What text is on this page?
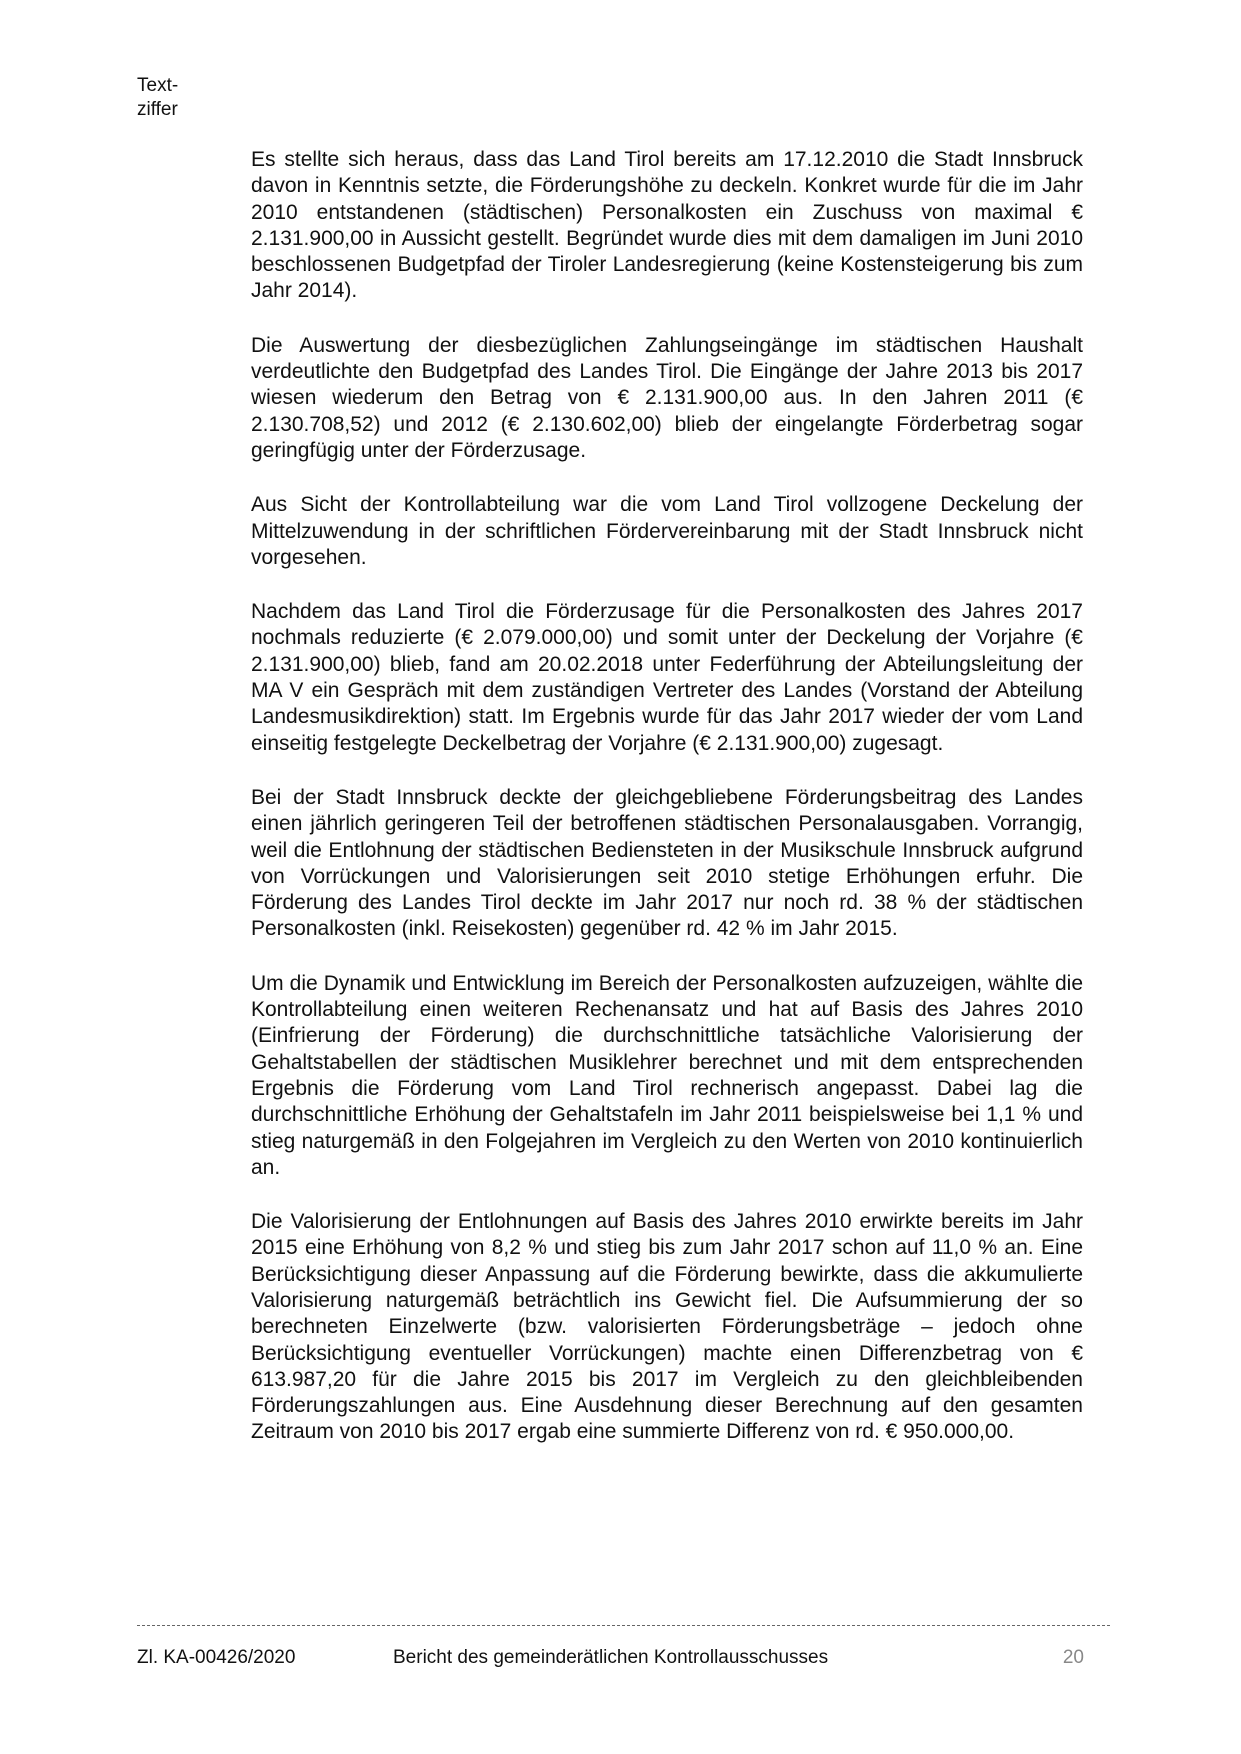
Text-
ziffer

Es stellte sich heraus, dass das Land Tirol bereits am 17.12.2010 die Stadt Innsbruck davon in Kenntnis setzte, die Förderungshöhe zu deckeln. Konkret wurde für die im Jahr 2010 entstandenen (städtischen) Personalkosten ein Zuschuss von maximal € 2.131.900,00 in Aussicht gestellt. Begründet wurde dies mit dem damaligen im Juni 2010 beschlossenen Budgetpfad der Tiroler Landesregierung (keine Kostensteigerung bis zum Jahr 2014).

Die Auswertung der diesbezüglichen Zahlungseingänge im städtischen Haushalt verdeutlichte den Budgetpfad des Landes Tirol. Die Eingänge der Jahre 2013 bis 2017 wiesen wiederum den Betrag von € 2.131.900,00 aus. In den Jahren 2011 (€ 2.130.708,52) und 2012 (€ 2.130.602,00) blieb der eingelangte Förderbetrag sogar geringfügig unter der Förderzusage.

Aus Sicht der Kontrollabteilung war die vom Land Tirol vollzogene Deckelung der Mittelzuwendung in der schriftlichen Fördervereinbarung mit der Stadt Innsbruck nicht vorgesehen.

Nachdem das Land Tirol die Förderzusage für die Personalkosten des Jahres 2017 nochmals reduzierte (€ 2.079.000,00) und somit unter der Deckelung der Vorjahre (€ 2.131.900,00) blieb, fand am 20.02.2018 unter Federführung der Abteilungsleitung der MA V ein Gespräch mit dem zuständigen Vertreter des Landes (Vorstand der Abteilung Landesmusikdirektion) statt. Im Ergebnis wurde für das Jahr 2017 wieder der vom Land einseitig festgelegte Deckelbetrag der Vorjahre (€ 2.131.900,00) zugesagt.

Bei der Stadt Innsbruck deckte der gleichgebliebene Förderungsbeitrag des Landes einen jährlich geringeren Teil der betroffenen städtischen Personalausgaben. Vorrangig, weil die Entlohnung der städtischen Bediensteten in der Musikschule Innsbruck aufgrund von Vorrückungen und Valorisierungen seit 2010 stetige Erhöhungen erfuhr. Die Förderung des Landes Tirol deckte im Jahr 2017 nur noch rd. 38 % der städtischen Personalkosten (inkl. Reisekosten) gegenüber rd. 42 % im Jahr 2015.

Um die Dynamik und Entwicklung im Bereich der Personalkosten aufzuzeigen, wählte die Kontrollabteilung einen weiteren Rechenansatz und hat auf Basis des Jahres 2010 (Einfrierung der Förderung) die durchschnittliche tatsächliche Valorisierung der Gehaltstabellen der städtischen Musiklehrer berechnet und mit dem entsprechenden Ergebnis die Förderung vom Land Tirol rechnerisch angepasst. Dabei lag die durchschnittliche Erhöhung der Gehaltstafeln im Jahr 2011 beispielsweise bei 1,1 % und stieg naturgemäß in den Folgejahren im Vergleich zu den Werten von 2010 kontinuierlich an.

Die Valorisierung der Entlohnungen auf Basis des Jahres 2010 erwirkte bereits im Jahr 2015 eine Erhöhung von 8,2 % und stieg bis zum Jahr 2017 schon auf 11,0 % an. Eine Berücksichtigung dieser Anpassung auf die Förderung bewirkte, dass die akkumulierte Valorisierung naturgemäß beträchtlich ins Gewicht fiel. Die Aufsummierung der so berechneten Einzelwerte (bzw. valorisierten Förderungsbeträge – jedoch ohne Berücksichtigung eventueller Vorrückungen) machte einen Differenzbetrag von € 613.987,20 für die Jahre 2015 bis 2017 im Vergleich zu den gleichbleibenden Förderungszahlungen aus. Eine Ausdehnung dieser Berechnung auf den gesamten Zeitraum von 2010 bis 2017 ergab eine summierte Differenz von rd. € 950.000,00.

Zl. KA-00426/2020	Bericht des gemeinderätlichen Kontrollausschusses	20
